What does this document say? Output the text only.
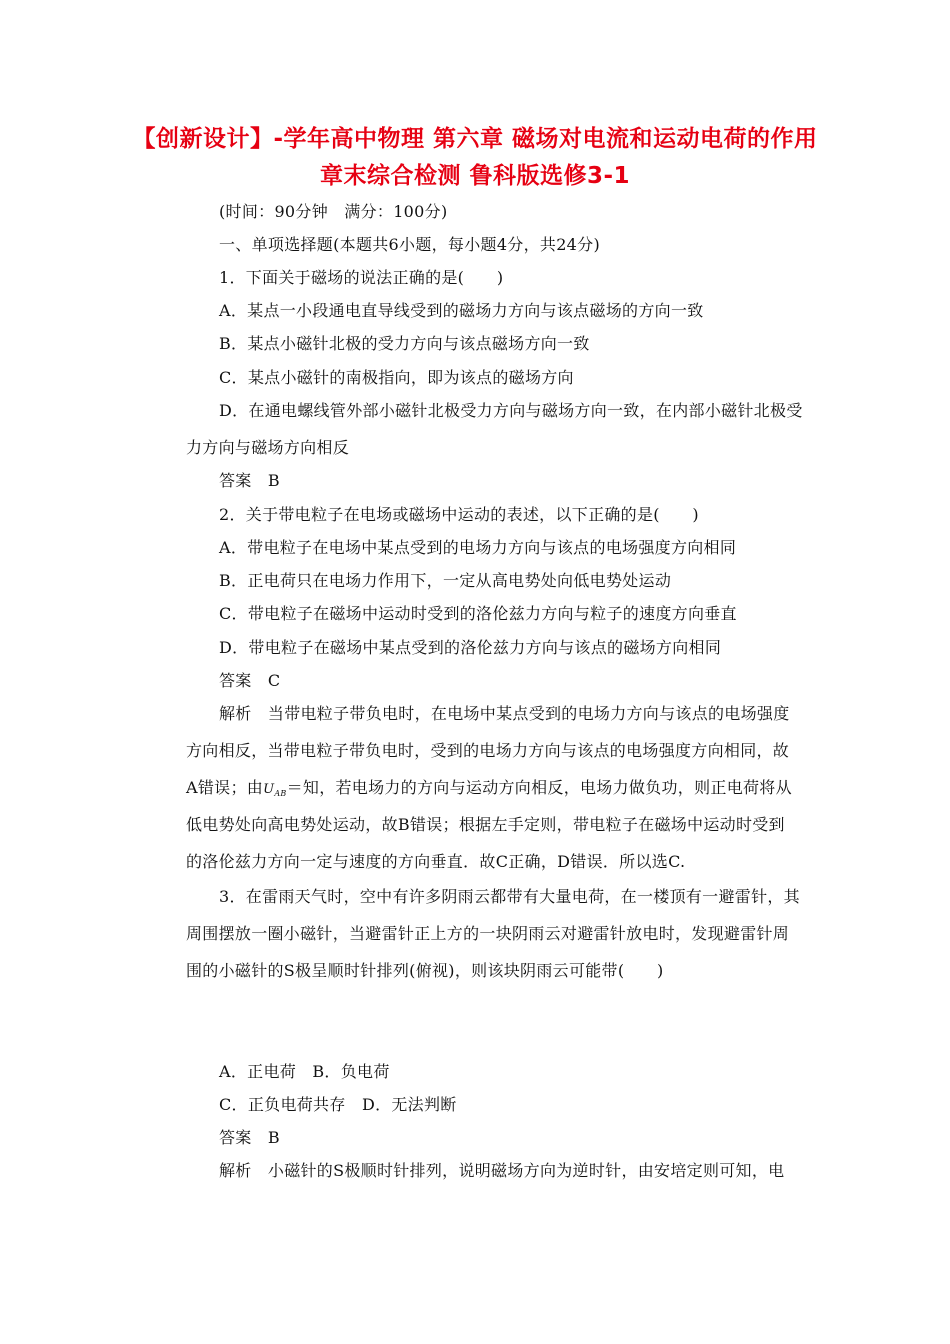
【创新设计】-学年高中物理 第六章 磁场对电流和运动电荷的作用
章末综合检测 鲁科版选修3-1
(时间：90分钟　满分：100分)
一、单项选择题(本题共6小题，每小题4分，共24分)
1．下面关于磁场的说法正确的是(　　)
A．某点一小段通电直导线受到的磁场力方向与该点磁场的方向一致
B．某点小磁针北极的受力方向与该点磁场方向一致
C．某点小磁针的南极指向，即为该点的磁场方向
D．在通电螺线管外部小磁针北极受力方向与磁场方向一致，在内部小磁针北极受
力方向与磁场方向相反
答案　B
2．关于带电粒子在电场或磁场中运动的表述，以下正确的是(　　)
A．带电粒子在电场中某点受到的电场力方向与该点的电场强度方向相同
B．正电荷只在电场力作用下，一定从高电势处向低电势处运动
C．带电粒子在磁场中运动时受到的洛伦兹力方向与粒子的速度方向垂直
D．带电粒子在磁场中某点受到的洛伦兹力方向与该点的磁场方向相同
答案　C
解析　当带电粒子带负电时，在电场中某点受到的电场力方向与该点的电场强度
方向相反，当带电粒子带负电时，受到的电场力方向与该点的电场强度方向相同，故
A错误；由$U_{AB}=$知，若电场力的方向与运动方向相反，电场力做负功，则正电荷将从
低电势处向高电势处运动，故B错误；根据左手定则，带电粒子在磁场中运动时受到
的洛伦兹力方向一定与速度的方向垂直．故C正确，D错误．所以选C.
3．在雷雨天气时，空中有许多阴雨云都带有大量电荷，在一楼顶有一避雷针，其
周围摆放一圈小磁针，当避雷针正上方的一块阴雨云对避雷针放电时，发现避雷针周
围的小磁针的S极呈顺时针排列(俯视)，则该块阴雨云可能带(　　)
A．正电荷　B．负电荷
C．正负电荷共存　D．无法判断
答案　B
解析　小磁针的S极顺时针排列，说明磁场方向为逆时针，由安培定则可知，电
